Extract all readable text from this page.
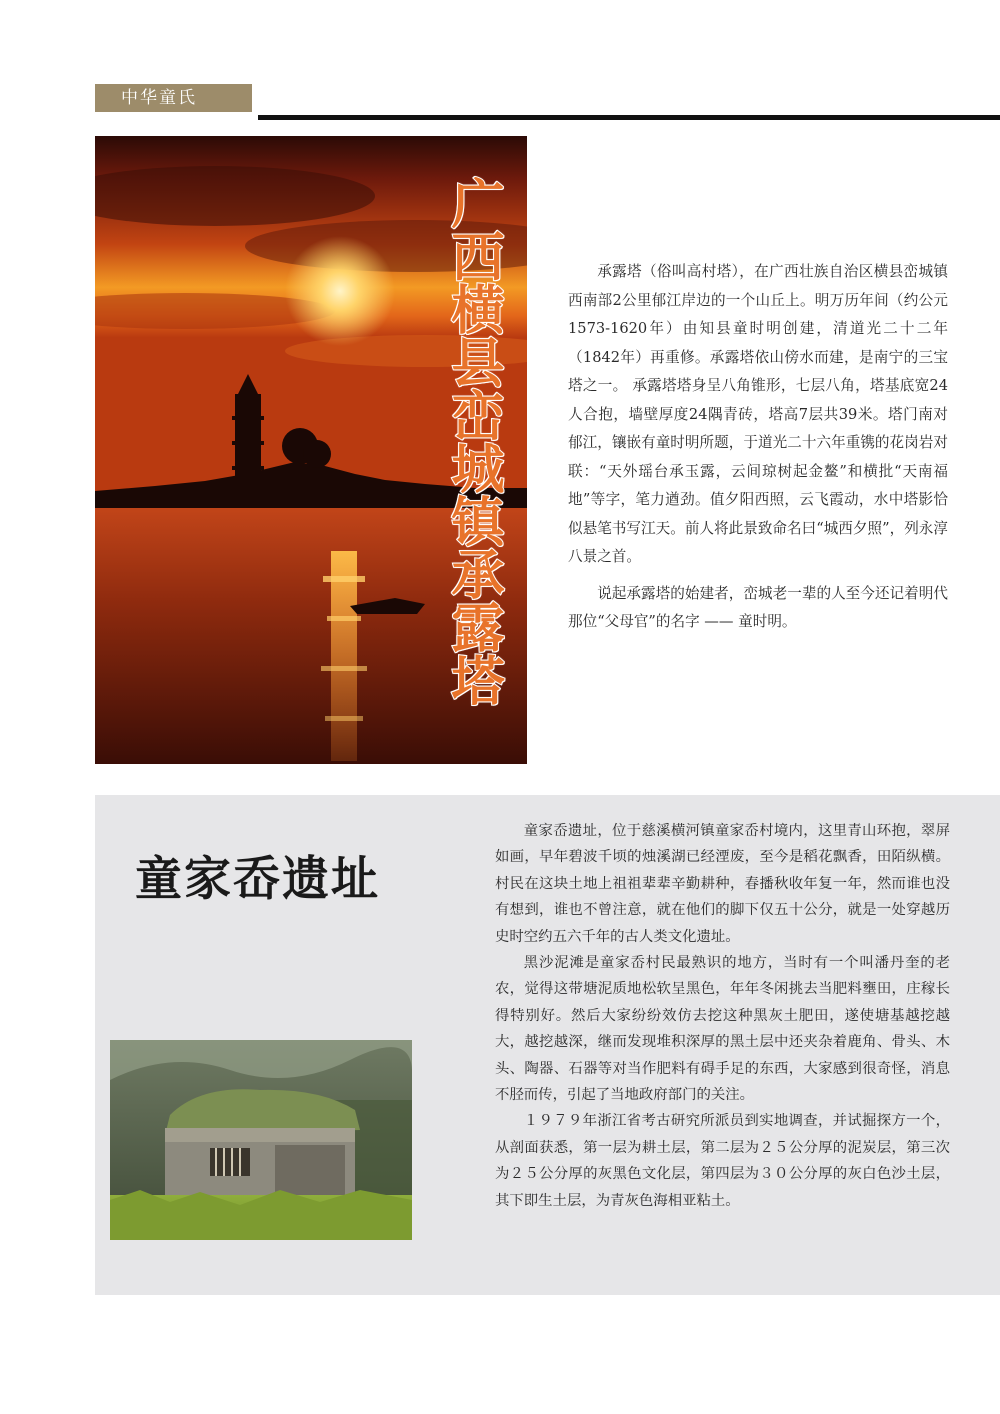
中华童氏
广西横县峦城镇承露塔	承露塔（俗叫高村塔），在广西壮族自治区横县峦城镇西南部2公里郁江岸边的一个山丘上。明万历年间（约公元1573-1620年）由知县童时明创建，清道光二十二年（1842年）再重修。承露塔依山傍水而建，是南宁的三宝塔之一。 承露塔塔身呈八角锥形，七层八角，塔基底宽24人合抱，墙壁厚度24隅青砖，塔高7层共39米。塔门南对郁江，镶嵌有童时明所题，于道光二十六年重镌的花岗岩对联：“天外瑶台承玉露，云间琼树起金鳌”和横批“天南福地”等字，笔力遒劲。值夕阳西照，云飞霞动，水中塔影恰似悬笔书写江天。前人将此景致命名曰“城西夕照”，列永淳八景之首。

说起承露塔的始建者，峦城老一辈的人至今还记着明代那位“父母官”的名字 —— 童时明。

童家岙遗址

童家岙遗址，位于慈溪横河镇童家岙村境内，这里青山环抱，翠屏如画，早年碧波千顷的烛溪湖已经湮废，至今是稻花飘香，田陌纵横。村民在这块土地上祖祖辈辈辛勤耕种，春播秋收年复一年，然而谁也没有想到，谁也不曾注意，就在他们的脚下仅五十公分，就是一处穿越历史时空约五六千年的古人类文化遗址。

黑沙泥滩是童家岙村民最熟识的地方，当时有一个叫潘丹奎的老农，觉得这带塘泥质地松软呈黑色，年年冬闲挑去当肥料壅田，庄稼长得特别好。然后大家纷纷效仿去挖这种黑灰土肥田，遂使塘基越挖越大，越挖越深，继而发现堆积深厚的黑土层中还夹杂着鹿角、骨头、木头、陶器、石器等对当作肥料有碍手足的东西，大家感到很奇怪，消息不胫而传，引起了当地政府部门的关注。

１９７９年浙江省考古研究所派员到实地调查，并试掘探方一个，从剖面获悉，第一层为耕土层，第二层为２５公分厚的泥炭层，第三次为２５公分厚的灰黑色文化层，第四层为３０公分厚的灰白色沙土层，其下即生土层，为青灰色海相亚粘土。
